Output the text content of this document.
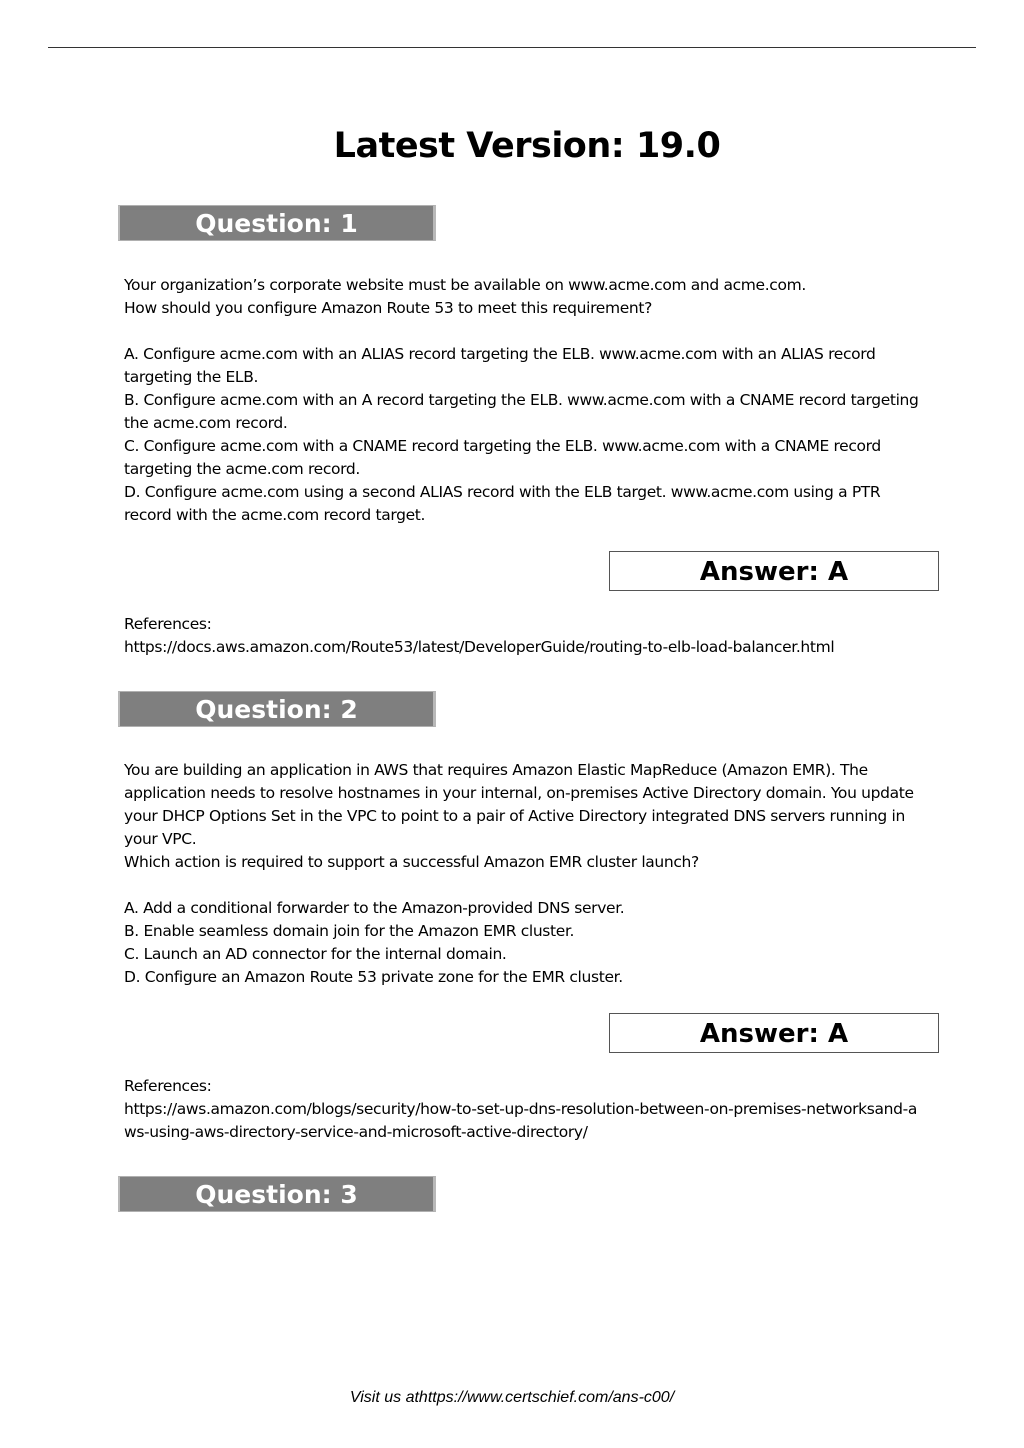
Latest Version: 19.0
Question: 1

Your organization’s corporate website must be available on www.acme.com and acme.com.

How should you configure Amazon Route 53 to meet this requirement?

A. Configure acme.com with an ALIAS record targeting the ELB. www.acme.com with an ALIAS record targeting the ELB.

B. Configure acme.com with an A record targeting the ELB. www.acme.com with a CNAME record targeting the acme.com record.

C. Configure acme.com with a CNAME record targeting the ELB. www.acme.com with a CNAME record targeting the acme.com record.

D. Configure acme.com using a second ALIAS record with the ELB target. www.acme.com using a PTR record with the acme.com record target.

Answer: A

References:

https://docs.aws.amazon.com/Route53/latest/DeveloperGuide/routing-to-elb-load-balancer.html

Question: 2

You are building an application in AWS that requires Amazon Elastic MapReduce (Amazon EMR). The application needs to resolve hostnames in your internal, on-premises Active Directory domain. You update your DHCP Options Set in the VPC to point to a pair of Active Directory integrated DNS servers running in your VPC.

Which action is required to support a successful Amazon EMR cluster launch?

A. Add a conditional forwarder to the Amazon-provided DNS server.

B. Enable seamless domain join for the Amazon EMR cluster.

C. Launch an AD connector for the internal domain.

D. Configure an Amazon Route 53 private zone for the EMR cluster.

Answer: A

References:

https://aws.amazon.com/blogs/security/how-to-set-up-dns-resolution-between-on-premises-networksand-aws-using-aws-directory-service-and-microsoft-active-directory/

Question: 3
Visit us athttps://www.certschief.com/ans-c00/
